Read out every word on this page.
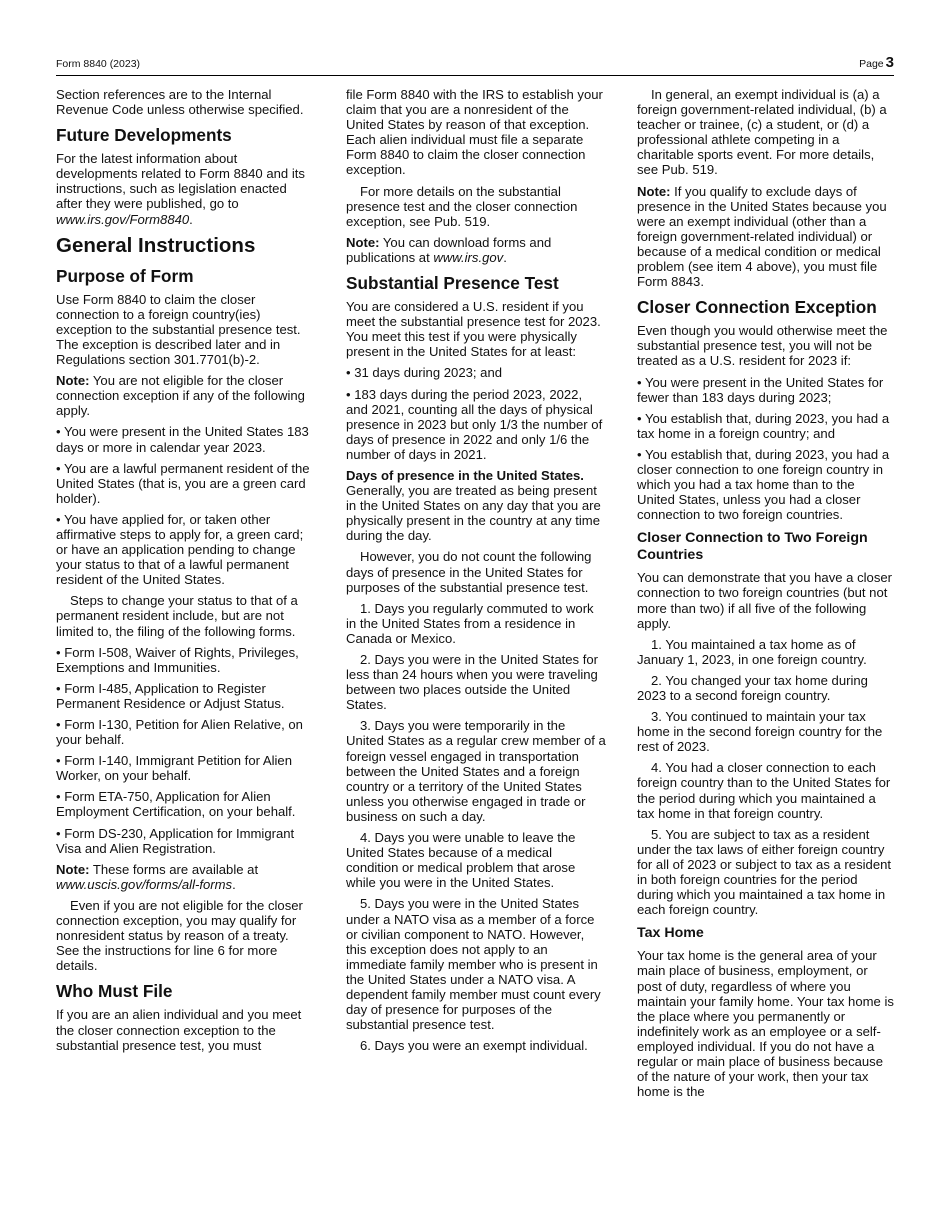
Form 8840 (2023)	Page 3

Section references are to the Internal Revenue Code unless otherwise specified.

Future Developments

For the latest information about developments related to Form 8840 and its instructions, such as legislation enacted after they were published, go to www.irs.gov/Form8840.

General Instructions
Purpose of Form

Use Form 8840 to claim the closer connection to a foreign country(ies) exception to the substantial presence test. The exception is described later and in Regulations section 301.7701(b)-2.

Note: You are not eligible for the closer connection exception if any of the following apply.

• You were present in the United States 183 days or more in calendar year 2023.

• You are a lawful permanent resident of the United States (that is, you are a green card holder).

• You have applied for, or taken other affirmative steps to apply for, a green card; or have an application pending to change your status to that of a lawful permanent resident of the United States.

Steps to change your status to that of a permanent resident include, but are not limited to, the filing of the following forms.

• Form I-508, Waiver of Rights, Privileges, Exemptions and Immunities.

• Form I-485, Application to Register Permanent Residence or Adjust Status.

• Form I-130, Petition for Alien Relative, on your behalf.

• Form I-140, Immigrant Petition for Alien Worker, on your behalf.

• Form ETA-750, Application for Alien Employment Certification, on your behalf.

• Form DS-230, Application for Immigrant Visa and Alien Registration.

Note: These forms are available at www.uscis.gov/forms/all-forms.

Even if you are not eligible for the closer connection exception, you may qualify for nonresident status by reason of a treaty. See the instructions for line 6 for more details.

Who Must File

If you are an alien individual and you meet the closer connection exception to the substantial presence test, you must

file Form 8840 with the IRS to establish your claim that you are a nonresident of the United States by reason of that exception. Each alien individual must file a separate Form 8840 to claim the closer connection exception.

For more details on the substantial presence test and the closer connection exception, see Pub. 519.

Note: You can download forms and publications at www.irs.gov.

Substantial Presence Test

You are considered a U.S. resident if you meet the substantial presence test for 2023. You meet this test if you were physically present in the United States for at least:

• 31 days during 2023; and

• 183 days during the period 2023, 2022, and 2021, counting all the days of physical presence in 2023 but only 1/3 the number of days of presence in 2022 and only 1/6 the number of days in 2021.

Days of presence in the United States. Generally, you are treated as being present in the United States on any day that you are physically present in the country at any time during the day.

However, you do not count the following days of presence in the United States for purposes of the substantial presence test.

1. Days you regularly commuted to work in the United States from a residence in Canada or Mexico.

2. Days you were in the United States for less than 24 hours when you were traveling between two places outside the United States.

3. Days you were temporarily in the United States as a regular crew member of a foreign vessel engaged in transportation between the United States and a foreign country or a territory of the United States unless you otherwise engaged in trade or business on such a day.

4. Days you were unable to leave the United States because of a medical condition or medical problem that arose while you were in the United States.

5. Days you were in the United States under a NATO visa as a member of a force or civilian component to NATO. However, this exception does not apply to an immediate family member who is present in the United States under a NATO visa. A dependent family member must count every day of presence for purposes of the substantial presence test.

6. Days you were an exempt individual.

In general, an exempt individual is (a) a foreign government-related individual, (b) a teacher or trainee, (c) a student, or (d) a professional athlete competing in a charitable sports event. For more details, see Pub. 519.

Note: If you qualify to exclude days of presence in the United States because you were an exempt individual (other than a foreign government-related individual) or because of a medical condition or medical problem (see item 4 above), you must file Form 8843.

Closer Connection Exception

Even though you would otherwise meet the substantial presence test, you will not be treated as a U.S. resident for 2023 if:

• You were present in the United States for fewer than 183 days during 2023;

• You establish that, during 2023, you had a tax home in a foreign country; and

• You establish that, during 2023, you had a closer connection to one foreign country in which you had a tax home than to the United States, unless you had a closer connection to two foreign countries.

Closer Connection to Two Foreign Countries

You can demonstrate that you have a closer connection to two foreign countries (but not more than two) if all five of the following apply.

1. You maintained a tax home as of January 1, 2023, in one foreign country.

2. You changed your tax home during 2023 to a second foreign country.

3. You continued to maintain your tax home in the second foreign country for the rest of 2023.

4. You had a closer connection to each foreign country than to the United States for the period during which you maintained a tax home in that foreign country.

5. You are subject to tax as a resident under the tax laws of either foreign country for all of 2023 or subject to tax as a resident in both foreign countries for the period during which you maintained a tax home in each foreign country.

Tax Home

Your tax home is the general area of your main place of business, employment, or post of duty, regardless of where you maintain your family home. Your tax home is the place where you permanently or indefinitely work as an employee or a self-employed individual. If you do not have a regular or main place of business because of the nature of your work, then your tax home is the
